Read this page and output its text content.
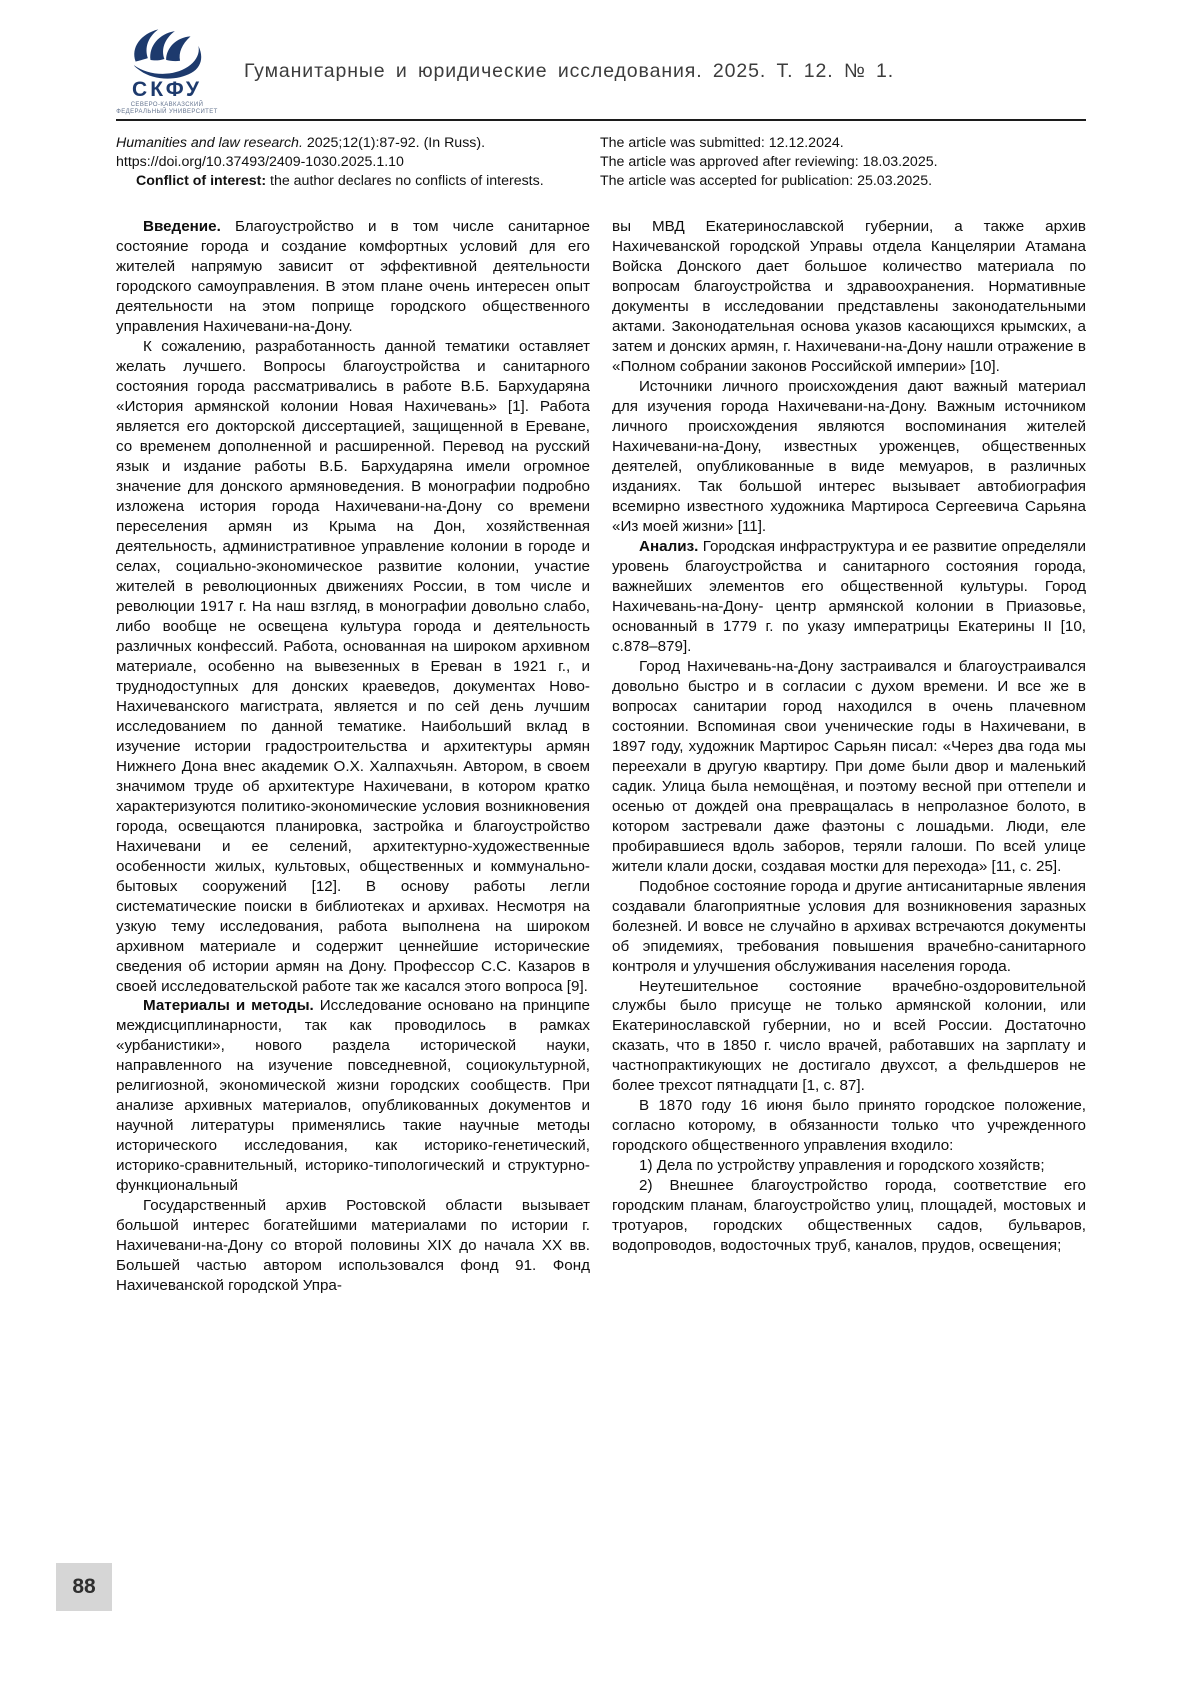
СКФУ
СЕВЕРО-КАВКАЗСКИЙ
ФЕДЕРАЛЬНЫЙ УНИВЕРСИТЕТ
Гуманитарные и юридические исследования. 2025. Т. 12. № 1.

Humanities and law research. 2025;12(1):87-92. (In Russ).

https://doi.org/10.37493/2409-1030.2025.1.10

Conflict of interest: the author declares no conflicts of interests.

The article was submitted: 12.12.2024.

The article was approved after reviewing: 18.03.2025.

The article was accepted for publication: 25.03.2025.

Введение. Благоустройство и в том числе санитарное состояние города и создание комфортных условий для его жителей напрямую зависит от эффективной деятельности городского самоуправления. В этом плане очень интересен опыт деятельности на этом поприще городского общественного управления Нахичевани-на-Дону.

К сожалению, разработанность данной тематики оставляет желать лучшего. Вопросы благоустройства и санитарного состояния города рассматривались в работе В.Б. Бархударяна «История армянской колонии Новая Нахичевань» [1]. Работа является его докторской диссертацией, защищенной в Ереване, со временем дополненной и расширенной. Перевод на русский язык и издание работы В.Б. Бархударяна имели огромное значение для донского армяноведения. В монографии подробно изложена история города Нахичевани-на-Дону со времени переселения армян из Крыма на Дон, хозяйственная деятельность, административное управление колонии в городе и селах, социально-экономическое развитие колонии, участие жителей в революционных движениях России, в том числе и революции 1917 г. На наш взгляд, в монографии довольно слабо, либо вообще не освещена культура города и деятельность различных конфессий. Работа, основанная на широком архивном материале, особенно на вывезенных в Ереван в 1921 г., и труднодоступных для донских краеведов, документах Ново-Нахичеванского магистрата, является и по сей день лучшим исследованием по данной тематике. Наибольший вклад в изучение истории градостроительства и архитектуры армян Нижнего Дона внес академик О.Х. Халпахчьян. Автором, в своем значимом труде об архитектуре Нахичевани, в котором кратко характеризуются политико-экономические условия возникновения города, освещаются планировка, застройка и благоустройство Нахичевани и ее селений, архитектурно-художественные особенности жилых, культовых, общественных и коммунально-бытовых сооружений [12]. В основу работы легли систематические поиски в библиотеках и архивах. Несмотря на узкую тему исследования, работа выполнена на широком архивном материале и содержит ценнейшие исторические сведения об истории армян на Дону. Профессор С.С. Казаров в своей исследовательской работе так же касался этого вопроса [9].

Материалы и методы. Исследование основано на принципе междисциплинарности, так как проводилось в рамках «урбанистики», нового раздела исторической науки, направленного на изучение повседневной, социокультурной, религиозной, экономической жизни городских сообществ. При анализе архивных материалов, опубликованных документов и научной литературы применялись такие научные методы исторического исследования, как историко-генетический, историко-сравнительный, историко-типологический и структурно-функциональный

Государственный архив Ростовской области вызывает большой интерес богатейшими материалами по истории г. Нахичевани-на-Дону со второй половины XIX до начала XX вв. Большей частью автором использовался фонд 91. Фонд Нахичеванской городской Упра-

вы МВД Екатеринославской губернии, а также архив Нахичеванской городской Управы отдела Канцелярии Атамана Войска Донского дает большое количество материала по вопросам благоустройства и здравоохранения. Нормативные документы в исследовании представлены законодательными актами. Законодательная основа указов касающихся крымских, а затем и донских армян, г. Нахичевани-на-Дону нашли отражение в «Полном собрании законов Российской империи» [10].

Источники личного происхождения дают важный материал для изучения города Нахичевани-на-Дону. Важным источником личного происхождения являются воспоминания жителей Нахичевани-на-Дону, известных уроженцев, общественных деятелей, опубликованные в виде мемуаров, в различных изданиях. Так большой интерес вызывает автобиография всемирно известного художника Мартироса Сергеевича Сарьяна «Из моей жизни» [11].

Анализ. Городская инфраструктура и ее развитие определяли уровень благоустройства и санитарного состояния города, важнейших элементов его общественной культуры. Город Нахичевань-на-Дону- центр армянской колонии в Приазовье, основанный в 1779 г. по указу императрицы Екатерины II [10, с.878–879].

Город Нахичевань-на-Дону застраивался и благоустраивался довольно быстро и в согласии с духом времени. И все же в вопросах санитарии город находился в очень плачевном состоянии. Вспоминая свои ученические годы в Нахичевани, в 1897 году, художник Мартирос Сарьян писал: «Через два года мы переехали в другую квартиру. При доме были двор и маленький садик. Улица была немощёная, и поэтому весной при оттепели и осенью от дождей она превращалась в непролазное болото, в котором застревали даже фаэтоны с лошадьми. Люди, еле пробиравшиеся вдоль заборов, теряли галоши. По всей улице жители клали доски, создавая мостки для перехода» [11, с. 25].

Подобное состояние города и другие антисанитарные явления создавали благоприятные условия для возникновения заразных болезней. И вовсе не случайно в архивах встречаются документы об эпидемиях, требования повышения врачебно-санитарного контроля и улучшения обслуживания населения города.

Неутешительное состояние врачебно-оздоровительной службы было присуще не только армянской колонии, или Екатеринославской губернии, но и всей России. Достаточно сказать, что в 1850 г. число врачей, работавших на зарплату и частнопрактикующих не достигало двухсот, а фельдшеров не более трехсот пятнадцати [1, с. 87].

В 1870 году 16 июня было принято городское положение, согласно которому, в обязанности только что учрежденного городского общественного управления входило:

1) Дела по устройству управления и городского хозяйств;

2) Внешнее благоустройство города, соответствие его городским планам, благоустройство улиц, площадей, мостовых и тротуаров, городских общественных садов, бульваров, водопроводов, водосточных труб, каналов, прудов, освещения;

88
